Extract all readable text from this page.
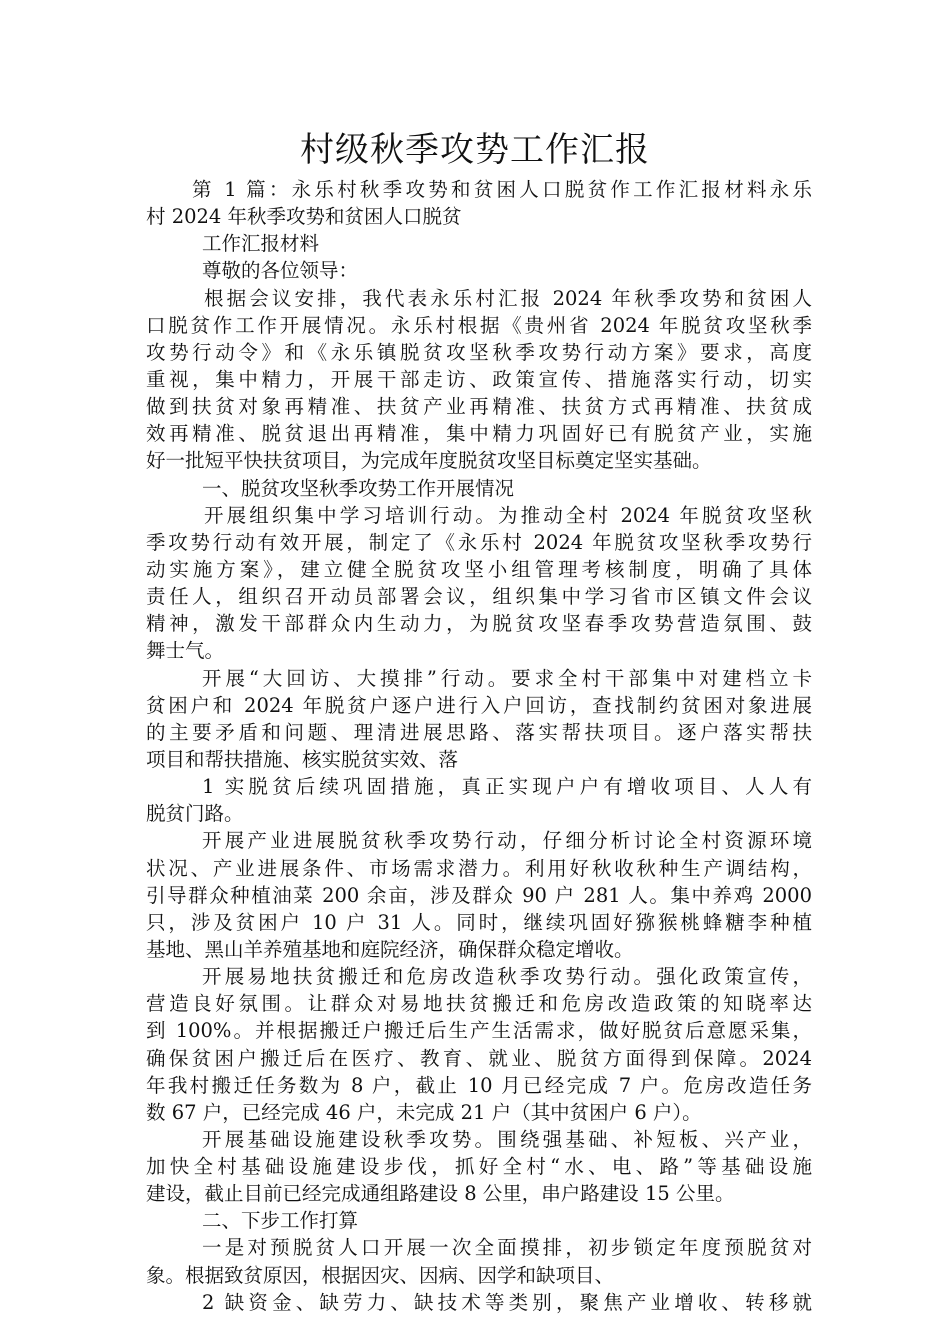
村级秋季攻势工作汇报
第 1 篇：永乐村秋季攻势和贫困人口脱贫作工作汇报材料永乐
村 2024 年秋季攻势和贫困人口脱贫
工作汇报材料
尊敬的各位领导：
根据会议安排，我代表永乐村汇报 2024 年秋季攻势和贫困人
口脱贫作工作开展情况。永乐村根据《贵州省 2024 年脱贫攻坚秋季
攻势行动令》和《永乐镇脱贫攻坚秋季攻势行动方案》要求，高度
重视，集中精力，开展干部走访、政策宣传、措施落实行动，切实
做到扶贫对象再精准、扶贫产业再精准、扶贫方式再精准、扶贫成
效再精准、脱贫退出再精准，集中精力巩固好已有脱贫产业，实施
好一批短平快扶贫项目，为完成年度脱贫攻坚目标奠定坚实基础。
一、脱贫攻坚秋季攻势工作开展情况
开展组织集中学习培训行动。为推动全村 2024 年脱贫攻坚秋
季攻势行动有效开展，制定了《永乐村 2024 年脱贫攻坚秋季攻势行
动实施方案》，建立健全脱贫攻坚小组管理考核制度，明确了具体
责任人，组织召开动员部署会议，组织集中学习省市区镇文件会议
精神，激发干部群众内生动力，为脱贫攻坚春季攻势营造氛围、鼓
舞士气。
开展“大回访、大摸排”行动。要求全村干部集中对建档立卡
贫困户和 2024 年脱贫户逐户进行入户回访，查找制约贫困对象进展
的主要矛盾和问题、理清进展思路、落实帮扶项目。逐户落实帮扶
项目和帮扶措施、核实脱贫实效、落
1 实脱贫后续巩固措施，真正实现户户有增收项目、人人有
脱贫门路。
开展产业进展脱贫秋季攻势行动，仔细分析讨论全村资源环境
状况、产业进展条件、市场需求潜力。利用好秋收秋种生产调结构，
引导群众种植油菜 200 余亩，涉及群众 90 户 281 人。集中养鸡 2000
只，涉及贫困户 10 户 31 人。同时，继续巩固好猕猴桃蜂糖李种植
基地、黑山羊养殖基地和庭院经济，确保群众稳定增收。
开展易地扶贫搬迁和危房改造秋季攻势行动。强化政策宣传，
营造良好氛围。让群众对易地扶贫搬迁和危房改造政策的知晓率达
到 100%。并根据搬迁户搬迁后生产生活需求，做好脱贫后意愿采集，
确保贫困户搬迁后在医疗、教育、就业、脱贫方面得到保障。2024
年我村搬迁任务数为 8 户，截止 10 月已经完成 7 户。危房改造任务
数 67 户，已经完成 46 户，未完成 21 户（其中贫困户 6 户）。
开展基础设施建设秋季攻势。围绕强基础、补短板、兴产业，
加快全村基础设施建设步伐，抓好全村“水、电、路”等基础设施
建设，截止目前已经完成通组路建设 8 公里，串户路建设 15 公里。
二、下步工作打算
一是对预脱贫人口开展一次全面摸排，初步锁定年度预脱贫对
象。根据致贫原因，根据因灾、因病、因学和缺项目、
2 缺资金、缺劳力、缺技术等类别，聚焦产业增收、转移就
